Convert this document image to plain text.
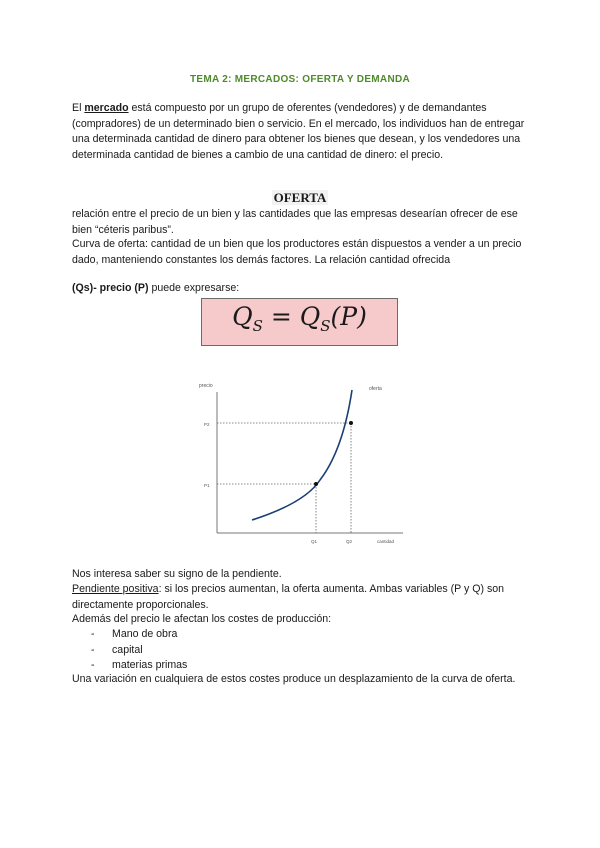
TEMA 2: MERCADOS: OFERTA Y DEMANDA
El mercado está compuesto por un grupo de oferentes (vendedores) y de demandantes (compradores) de un determinado bien o servicio. En el mercado, los individuos han de entregar una determinada cantidad de dinero para obtener los bienes que desean, y los vendedores una determinada cantidad de bienes a cambio de una cantidad de dinero: el precio.
OFERTA
relación entre el precio de un bien y las cantidades que las empresas desearían ofrecer de ese bien “céteris paribus”.
Curva de oferta: cantidad de un bien que los productores están dispuestos a vender a un precio dado, manteniendo constantes los demás factores. La relación cantidad ofrecida
(Qs)- precio (P) puede expresarse:
$Q_S = Q_S(P)$
precio	oferta
P2
P1
Q1	Q2	cantidad
Nos interesa saber su signo de la pendiente.
Pendiente positiva: si los precios aumentan, la oferta aumenta. Ambas variables (P y Q) son directamente proporcionales.
Además del precio le afectan los costes de producción:
- Mano de obra
- capital
- materias primas
Una variación en cualquiera de estos costes produce un desplazamiento de la curva de oferta.
